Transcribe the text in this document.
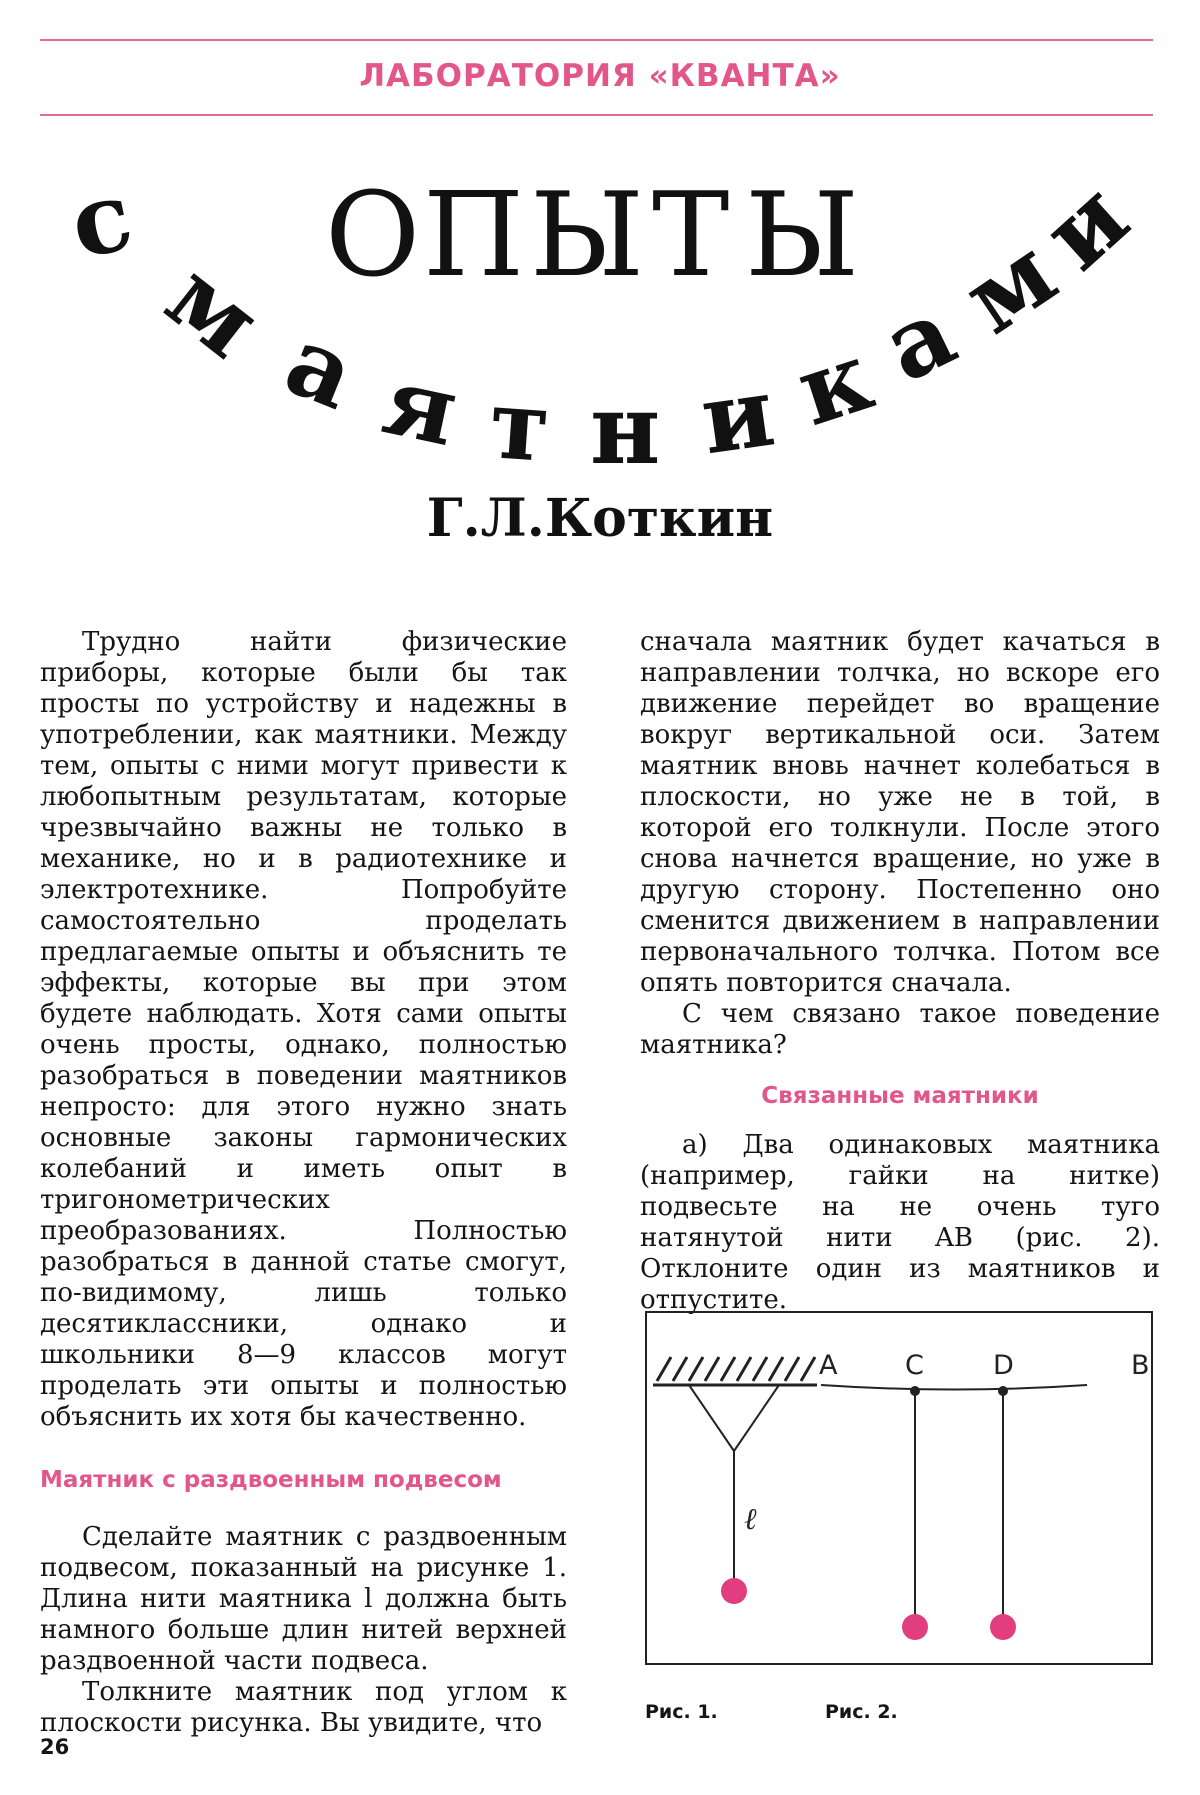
ЛАБОРАТОРИЯ «КВАНТА»
с О П Ы Т Ы
м
а я т н и к
а
м
и
Г.Л.Коткин

Трудно найти физические приборы, которые были бы так просты по устройству и надежны в употреблении, как маятники. Между тем, опыты с ними могут привести к любопытным результатам, которые чрезвычайно важны не только в механике, но и в радиотехнике и электротехнике. Попробуйте самостоятельно проделать предлагаемые опыты и объяснить те эффекты, которые вы при этом будете наблюдать. Хотя сами опыты очень просты, однако, полностью разобраться в поведении маятников непросто: для этого нужно знать основные законы гармонических колебаний и иметь опыт в тригонометрических преобразованиях. Полностью разобраться в данной статье смогут, по-видимому, лишь только десятиклассники, однако и школьники 8—9 классов могут проделать эти опыты и полностью объяснить их хотя бы качественно.

Маятник с раздвоенным подвесом

Сделайте маятник с раздвоенным подвесом, показанный на рисунке 1. Длина нити маятника l должна быть намного больше длин нитей верхней раздвоенной части подвеса.

Толкните маятник под углом к плоскости рисунка. Вы увидите, что

сначала маятник будет качаться в направлении толчка, но вскоре его движение перейдет во вращение вокруг вертикальной оси. Затем маятник вновь начнет колебаться в плоскости, но уже не в той, в которой его толкнули. После этого снова начнется вращение, но уже в другую сторону. Постепенно оно сменится движением в направлении первоначального толчка. Потом все опять повторится сначала.

С чем связано такое поведение маятника?

Связанные маятники

а) Два одинаковых маятника (например, гайки на нитке) подвесьте на не очень туго натянутой нити AB (рис. 2). Отклоните один из маятников и отпустите.

ℓ
A	C	D	B
Рис. 1.	Рис. 2.
26
